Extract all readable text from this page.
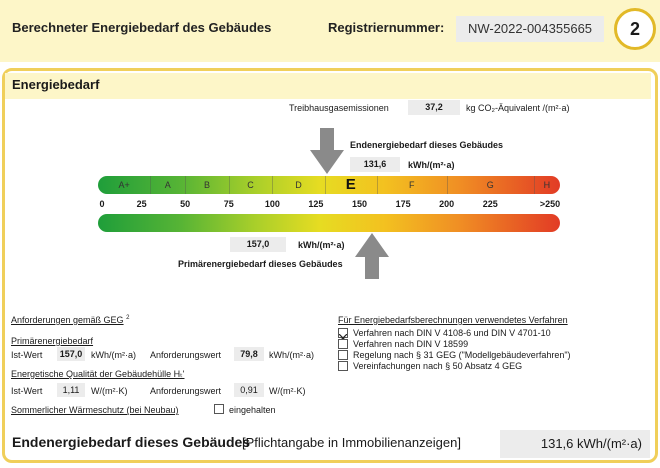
Berechneter Energiebedarf des Gebäudes	Registriernummer:	NW-2022-004355665	2
Energiebedarf
Treibhausgasemissionen	37,2	kg CO₂-Äquivalent /(m²·a)
Endenergiebedarf dieses Gebäudes
131,6	kWh/(m²·a)
A+	A	B	C	D	E	F	G	H
0	25	50	75	100	125	150	175	200	225	>250
157,0	kWh/(m²·a)
Primärenergiebedarf dieses Gebäudes
Anforderungen gemäß GEG $^2$
Primärenergiebedarf
Ist-Wert	157,0 kWh/(m²·a) Anforderungswert	79,8	kWh/(m²·a)
Energetische Qualität der Gebäudehülle Hₜ'
Ist-Wert	1,11	W/(m²·K)	Anforderungswert	0,91	W/(m²·K)
Sommerlicher Wärmeschutz (bei Neubau)	eingehalten
Für Energiebedarfsberechnungen verwendetes Verfahren
Verfahren nach DIN V 4108-6 und DIN V 4701-10
Verfahren nach DIN V 18599
Regelung nach § 31 GEG ("Modellgebäudeverfahren")
Vereinfachungen nach § 50 Absatz 4 GEG
Endenergiebedarf dieses Gebäudes
[Pflichtangabe in Immobilienanzeigen]	131,6 kWh/(m²·a)
